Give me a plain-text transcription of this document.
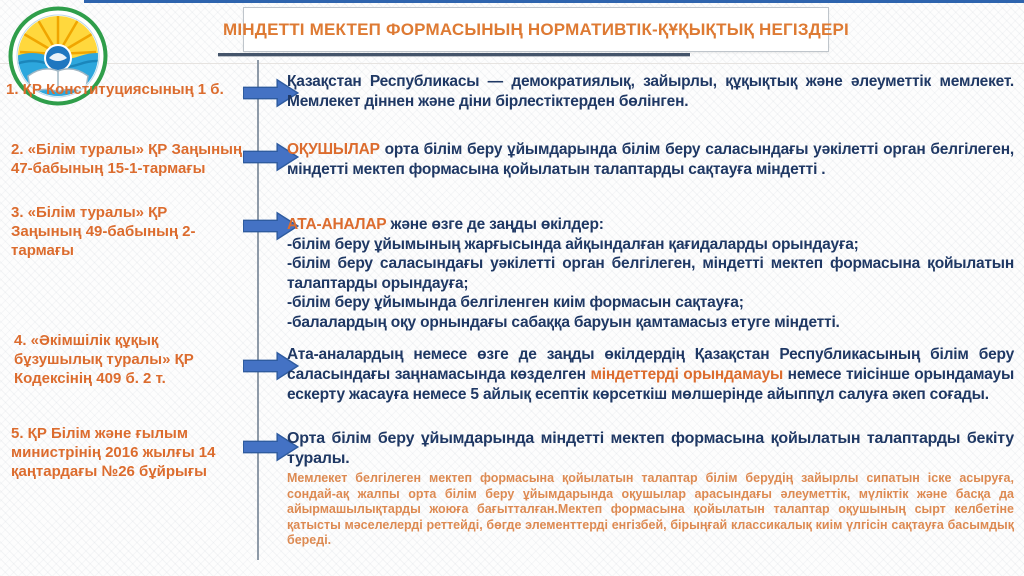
МІНДЕТТІ МЕКТЕП ФОРМАСЫНЫҢ НОРМАТИВТІК-ҚҰҚЫҚТЫҚ НЕГІЗДЕРІ
1. ҚР Конституциясының 1 б.
2. «Білім туралы» ҚР Заңының 47-бабының 15-1-тармағы
3. «Білім туралы» ҚР Заңының 49-бабының 2-тармағы
4. «Әкімшілік құқық бұзушылық туралы» ҚР Кодексінің 409 б. 2 т.
5. ҚР Білім және ғылым министрінің 2016 жылғы 14 қаңтардағы №26 бұйрығы
Қазақстан Республикасы — демократиялық, зайырлы, құқықтық және әлеуметтік мемлекет. Мемлекет діннен және діни бірлестіктерден бөлінген.
ОҚУШЫЛАР орта білім беру ұйымдарында білім беру саласындағы уәкілетті орган белгілеген, міндетті мектеп формасына қойылатын талаптарды сақтауға міндетті .
АТА-АНАЛАР және өзге де заңды өкілдер:
-білім беру ұйымының жарғысында айқындалған қағидаларды орындауға;
-білім беру саласындағы уәкілетті орган белгілеген, міндетті мектеп формасына қойылатын талаптарды орындауға;
-білім беру ұйымында белгіленген киім формасын сақтауға;
-балалардың оқу орнындағы сабаққа баруын қамтамасыз етуге міндетті.
Ата-аналардың немесе өзге де заңды өкілдердің Қазақстан Республикасының білім беру саласындағы заңнамасында көзделген міндеттерді орындамауы немесе тиісінше орындамауы ескерту жасауға немесе 5 айлық есептік көрсеткіш мөлшерінде айыппұл салуға әкеп соғады.
Орта білім беру ұйымдарында міндетті мектеп формасына қойылатын талаптарды бекіту туралы.
Мемлекет белгілеген мектеп формасына қойылатын талаптар білім берудің зайырлы сипатын іске асыруға, сондай-ақ жалпы орта білім беру ұйымдарында оқушылар арасындағы әлеуметтік, мүліктік және басқа да айырмашылықтарды жоюға бағытталған.Мектеп формасына қойылатын талаптар оқушының сырт келбетіне қатысты мәселелерді реттейді, бөгде элементтерді енгізбей, бірыңғай классикалық киім үлгісін сақтауға басымдық береді.
